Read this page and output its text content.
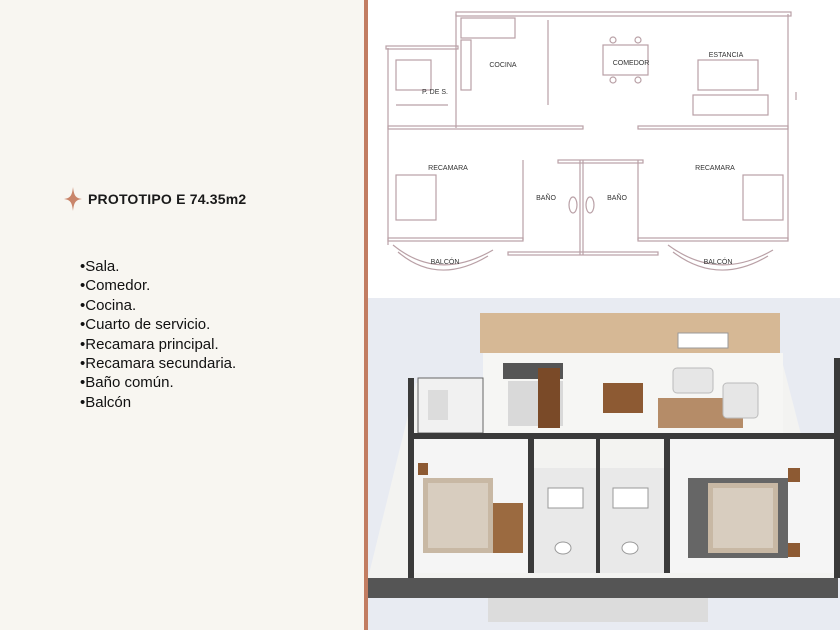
PROTOTIPO E 74.35m2
•Sala.
•Comedor.
•Cocina.
•Cuarto de servicio.
•Recamara principal.
•Recamara secundaria.
•Baño común.
•Balcón
COCINA	COMEDOR
ESTANCIA
P. DE S.
RECAMARA	RECAMARA
BAÑO	BAÑO
BALCÓN	BALCÓN
